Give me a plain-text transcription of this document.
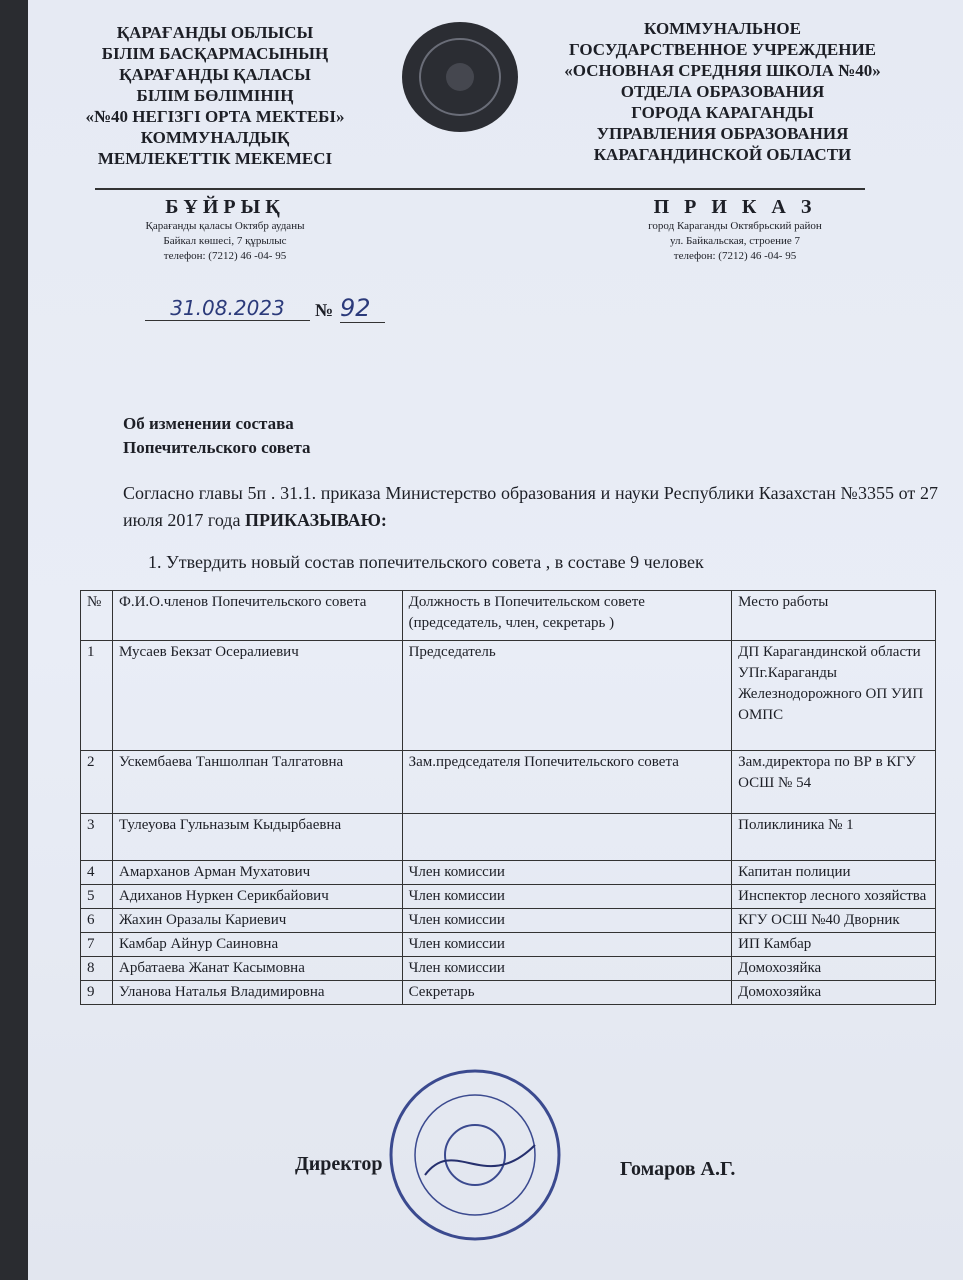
ҚАРАҒАНДЫ ОБЛЫСЫ
БІЛІМ БАСҚАРМАСЫНЫҢ
ҚАРАҒАНДЫ ҚАЛАСЫ
БІЛІМ БӨЛІМІНІҢ
«№40 НЕГІЗГІ ОРТА МЕКТЕБІ»
КОММУНАЛДЫҚ
МЕМЛЕКЕТТІК МЕКЕМЕСІ
КОММУНАЛЬНОЕ
ГОСУДАРСТВЕННОЕ УЧРЕЖДЕНИЕ
«ОСНОВНАЯ СРЕДНЯЯ ШКОЛА №40»
ОТДЕЛА ОБРАЗОВАНИЯ
ГОРОДА КАРАГАНДЫ
УПРАВЛЕНИЯ ОБРАЗОВАНИЯ
КАРАГАНДИНСКОЙ ОБЛАСТИ
БҰЙРЫҚ
Қарағанды қаласы Октябр ауданы
Байкал көшесі, 7 құрылыс
телефон: (7212) 46 -04- 95
П Р И К А З
город Караганды Октябрьский район
ул. Байкальская, строение 7
телефон: (7212) 46 -04- 95
31.08.2023	№ 92
Об изменении состава
Попечительского совета
Согласно главы 5п . 31.1. приказа Министерство образования и науки Республики Казахстан №3355 от 27 июля 2017 года ПРИКАЗЫВАЮ:
1. Утвердить новый состав попечительского совета , в составе 9 человек
№	Ф.И.О.членов Попечительского совета	Должность в Попечительском совете (председатель, член, секретарь )	Место работы
1	Мусаев Бекзат Осералиевич	Председатель	ДП Карагандинской области УПг.Караганды Железнодорожного ОП УИП ОМПС
2	Ускембаева Таншолпан Талгатовна	Зам.председателя Попечительского совета	Зам.директора по ВР в КГУ ОСШ № 54
3	Тулеуова Гульназым Кыдырбаевна		Поликлиника № 1
4	Амарханов Арман Мухатович	Член комиссии	Капитан полиции
5	Адиханов Нуркен Серикбайович	Член комиссии	Инспектор лесного хозяйства
6	Жахин Оразалы Кариевич	Член комиссии	КГУ ОСШ №40 Дворник
7	Камбар Айнур Саиновна	Член комиссии	ИП Камбар
8	Арбатаева Жанат Касымовна	Член комиссии	Домохозяйка
9	Уланова Наталья Владимировна	Секретарь	Домохозяйка
Директор	Гомаров А.Г.
